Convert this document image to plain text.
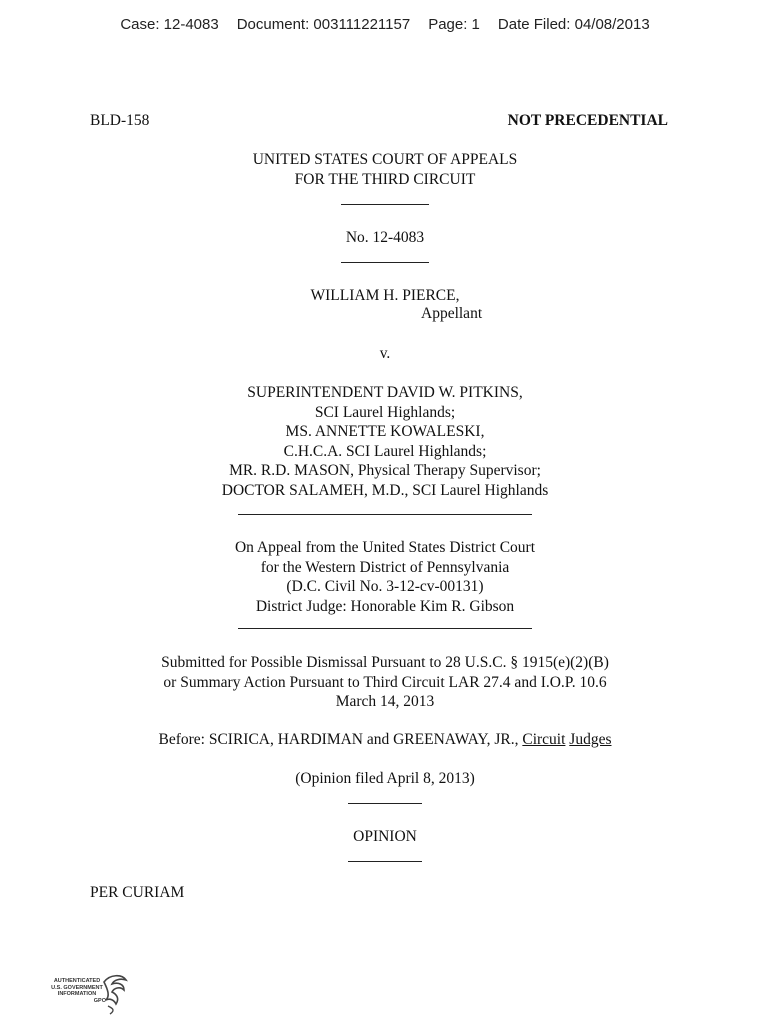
Case: 12-4083 Document: 003111221157 Page: 1 Date Filed: 04/08/2013
BLD-158	NOT PRECEDENTIAL
UNITED STATES COURT OF APPEALS
FOR THE THIRD CIRCUIT
No. 12-4083
WILLIAM H. PIERCE,
Appellant
v.
SUPERINTENDENT DAVID W. PITKINS,
SCI Laurel Highlands;
MS. ANNETTE KOWALESKI,
C.H.C.A. SCI Laurel Highlands;
MR. R.D. MASON, Physical Therapy Supervisor;
DOCTOR SALAMEH, M.D., SCI Laurel Highlands
On Appeal from the United States District Court
for the Western District of Pennsylvania
(D.C. Civil No. 3-12-cv-00131)
District Judge: Honorable Kim R. Gibson
Submitted for Possible Dismissal Pursuant to 28 U.S.C. § 1915(e)(2)(B)
or Summary Action Pursuant to Third Circuit LAR 27.4 and I.O.P. 10.6
March 14, 2013
Before: SCIRICA, HARDIMAN and GREENAWAY, JR., Circuit Judges
(Opinion filed April 8, 2013)
OPINION
PER CURIAM
AUTHENTICATED
U.S. GOVERNMENT
INFORMATION
GPO
